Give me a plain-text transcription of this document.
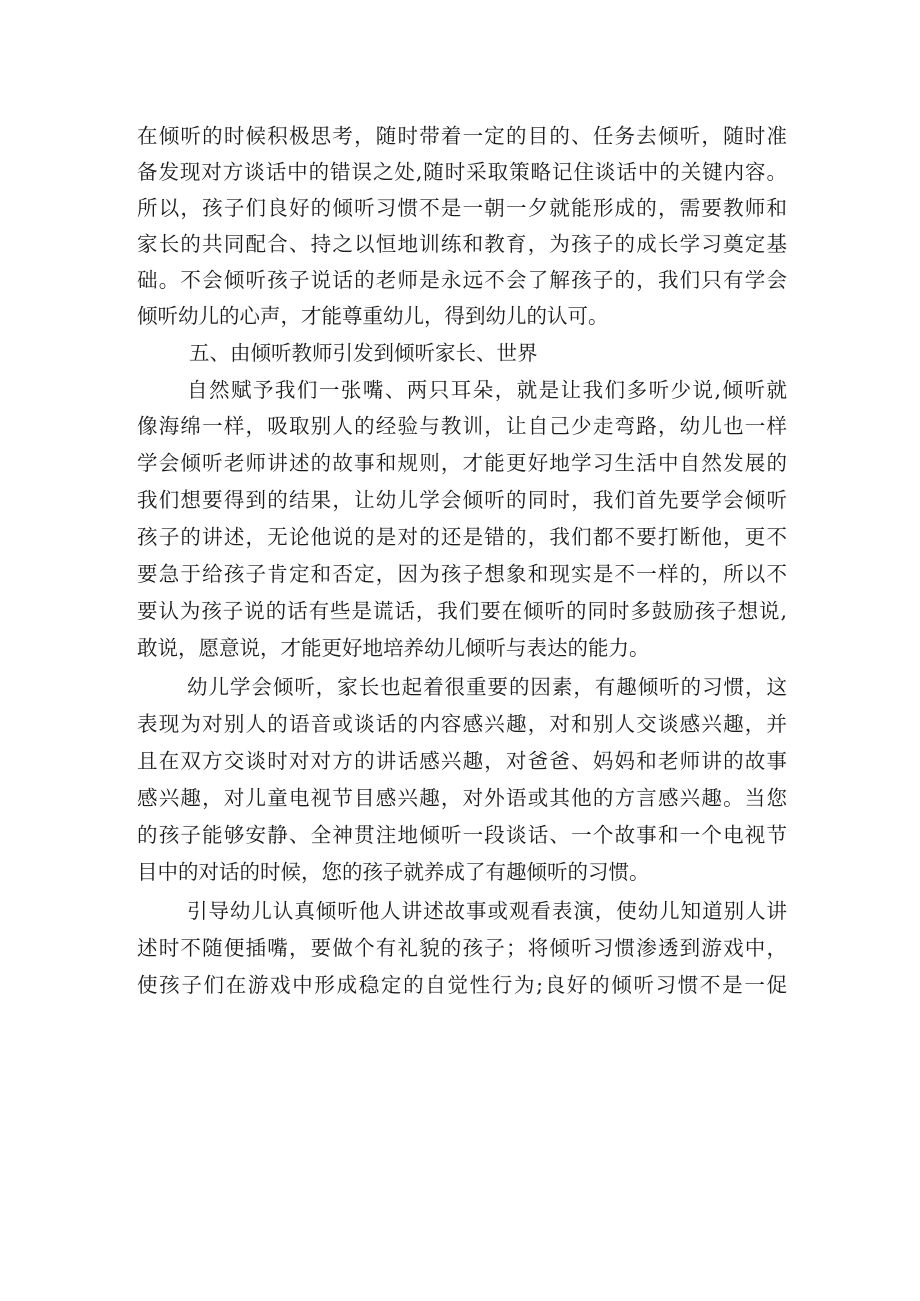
在倾听的时候积极思考，随时带着一定的目的、任务去倾听，随时准
备发现对方谈话中的错误之处,随时采取策略记住谈话中的关键内容。
所以，孩子们良好的倾听习惯不是一朝一夕就能形成的，需要教师和
家长的共同配合、持之以恒地训练和教育，为孩子的成长学习奠定基
础。不会倾听孩子说话的老师是永远不会了解孩子的，我们只有学会
倾听幼儿的心声，才能尊重幼儿，得到幼儿的认可。
五、由倾听教师引发到倾听家长、世界
自然赋予我们一张嘴、两只耳朵，就是让我们多听少说,倾听就
像海绵一样，吸取别人的经验与教训，让自己少走弯路，幼儿也一样
学会倾听老师讲述的故事和规则，才能更好地学习生活中自然发展的
我们想要得到的结果，让幼儿学会倾听的同时，我们首先要学会倾听
孩子的讲述，无论他说的是对的还是错的，我们都不要打断他，更不
要急于给孩子肯定和否定，因为孩子想象和现实是不一样的，所以不
要认为孩子说的话有些是谎话，我们要在倾听的同时多鼓励孩子想说,
敢说，愿意说，才能更好地培养幼儿倾听与表达的能力。
幼儿学会倾听，家长也起着很重要的因素，有趣倾听的习惯，这
表现为对别人的语音或谈话的内容感兴趣，对和别人交谈感兴趣，并
且在双方交谈时对对方的讲话感兴趣，对爸爸、妈妈和老师讲的故事
感兴趣，对儿童电视节目感兴趣，对外语或其他的方言感兴趣。当您
的孩子能够安静、全神贯注地倾听一段谈话、一个故事和一个电视节
目中的对话的时候，您的孩子就养成了有趣倾听的习惯。
引导幼儿认真倾听他人讲述故事或观看表演，使幼儿知道别人讲
述时不随便插嘴，要做个有礼貌的孩子；将倾听习惯渗透到游戏中，
使孩子们在游戏中形成稳定的自觉性行为;良好的倾听习惯不是一促
